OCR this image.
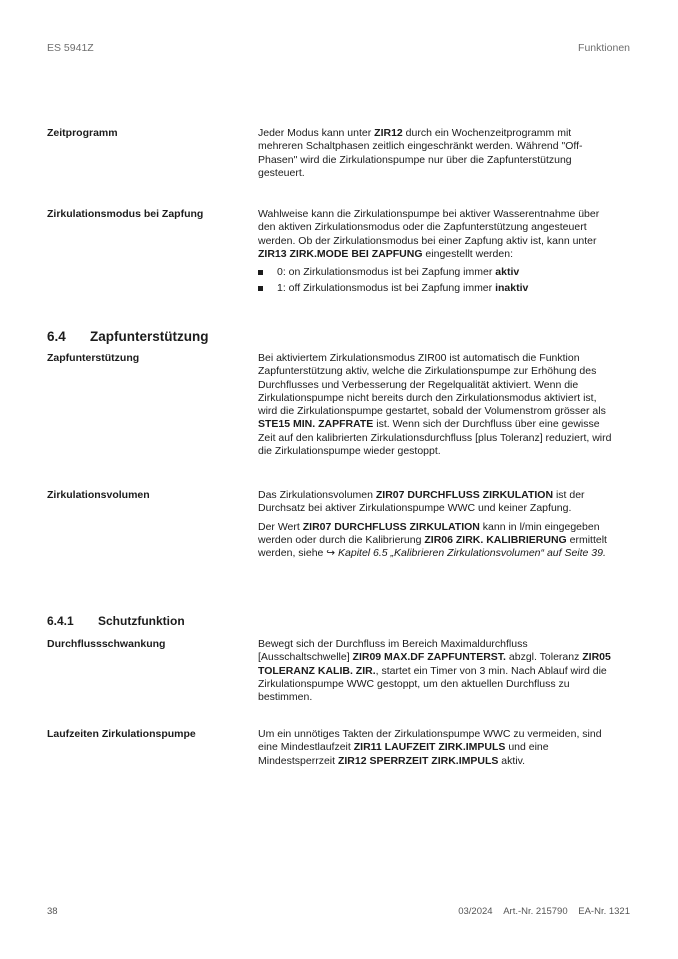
ES 5941Z	Funktionen
Zeitprogramm	Jeder Modus kann unter ZIR12 durch ein Wochenzeitprogramm mit mehreren Schaltphasen zeitlich eingeschränkt werden. Während "Off-Phasen" wird die Zirkulationspumpe nur über die Zapfunterstützung gesteuert.

Zirkulationsmodus bei Zapfung	Wahlweise kann die Zirkulationspumpe bei aktiver Wasserentnahme über den aktiven Zirkulationsmodus oder die Zapfunterstützung angesteuert werden. Ob der Zirkulationsmodus bei einer Zapfung aktiv ist, kann unter ZIR13 ZIRK.MODE BEI ZAPFUNG eingestellt werden:

0: on Zirkulationsmodus ist bei Zapfung immer aktiv
1: off Zirkulationsmodus ist bei Zapfung immer inaktiv
6.4 Zapfunterstützung
Zapfunterstützung	Bei aktiviertem Zirkulationsmodus ZIR00 ist automatisch die Funktion Zapfunterstützung aktiv, welche die Zirkulationspumpe zur Erhöhung des Durchflusses und Verbesserung der Regelqualität aktiviert. Wenn die Zirkulationspumpe nicht bereits durch den Zirkulationsmodus aktiviert ist, wird die Zirkulationspumpe gestartet, sobald der Volumenstrom grösser als STE15 MIN. ZAPFRATE ist. Wenn sich der Durchfluss über eine gewisse Zeit auf den kalibrierten Zirkulationsdurchfluss [plus Toleranz] reduziert, wird die Zirkulationspumpe wieder gestoppt.

Zirkulationsvolumen	Das Zirkulationsvolumen ZIR07 DURCHFLUSS ZIRKULATION ist der Durchsatz bei aktiver Zirkulationspumpe WWC und keiner Zapfung.

Der Wert ZIR07 DURCHFLUSS ZIRKULATION kann in l/min eingegeben werden oder durch die Kalibrierung ZIR06 ZIRK. KALIBRIERUNG ermittelt werden, siehe ↪ Kapitel 6.5 „Kalibrieren Zirkulationsvolumen“ auf Seite 39.

6.4.1 Schutzfunktion
Durchflussschwankung	Bewegt sich der Durchfluss im Bereich Maximaldurchfluss [Ausschaltschwelle] ZIR09 MAX.DF ZAPFUNTERST. abzgl. Toleranz ZIR05 TOLERANZ KALIB. ZIR., startet ein Timer von 3 min. Nach Ablauf wird die Zirkulationspumpe WWC gestoppt, um den aktuellen Durchfluss zu bestimmen.

Laufzeiten Zirkulationspumpe	Um ein unnötiges Takten der Zirkulationspumpe WWC zu vermeiden, sind eine Mindestlaufzeit ZIR11 LAUFZEIT ZIRK.IMPULS und eine Mindestsperrzeit ZIR12 SPERRZEIT ZIRK.IMPULS aktiv.

38	03/2024 Art.-Nr. 215790 EA-Nr. 1321
